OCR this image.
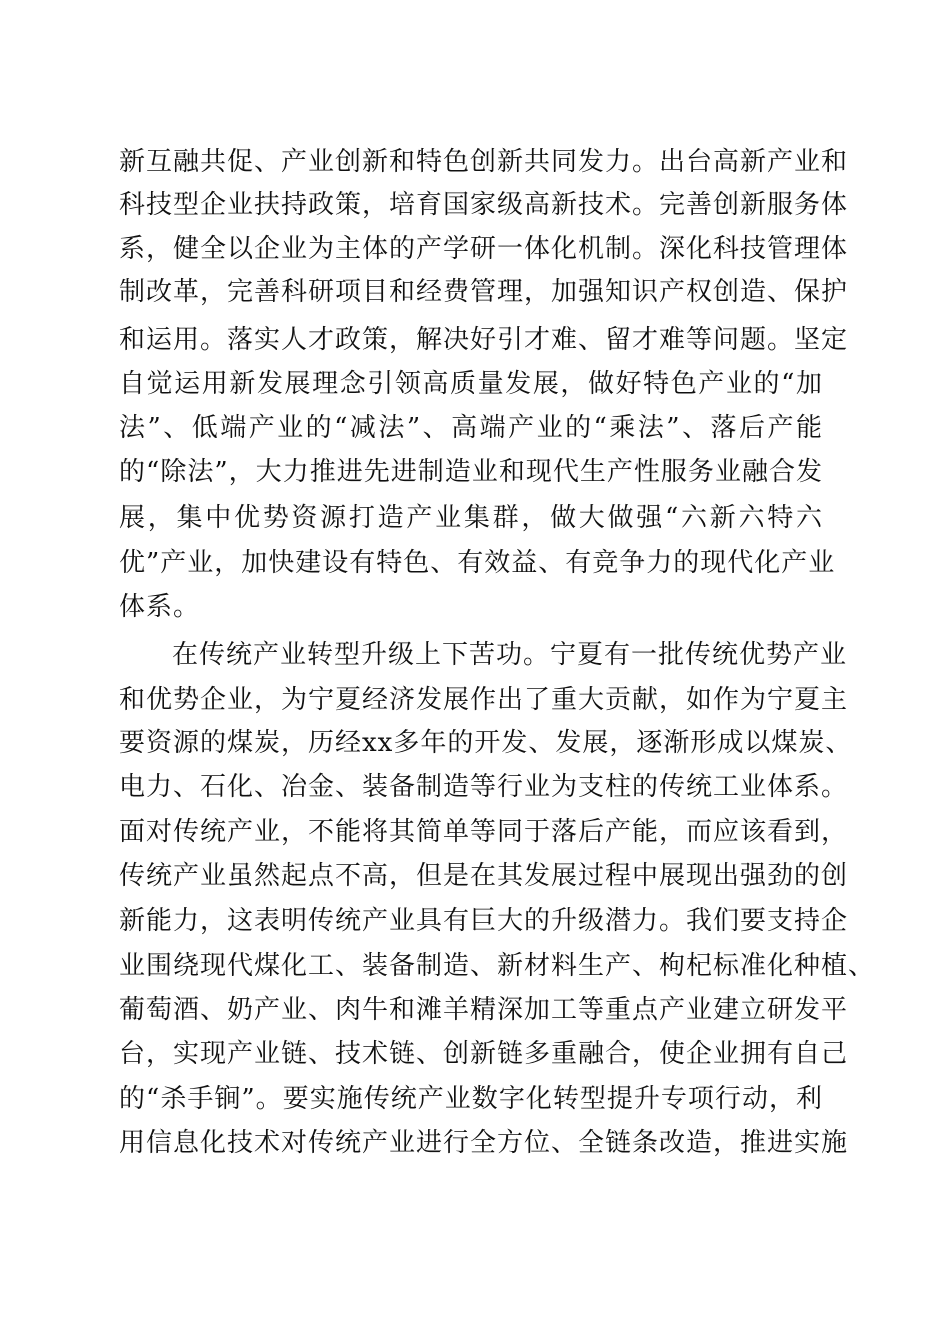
新互融共促、产业创新和特色创新共同发力。出台高新产业和
科技型企业扶持政策，培育国家级高新技术。完善创新服务体
系，健全以企业为主体的产学研一体化机制。深化科技管理体
制改革，完善科研项目和经费管理，加强知识产权创造、保护
和运用。落实人才政策，解决好引才难、留才难等问题。坚定
自觉运用新发展理念引领高质量发展，做好特色产业的“加
法”、低端产业的“减法”、高端产业的“乘法”、落后产能
的“除法”，大力推进先进制造业和现代生产性服务业融合发
展，集中优势资源打造产业集群，做大做强“六新六特六
优”产业，加快建设有特色、有效益、有竞争力的现代化产业
体系。
在传统产业转型升级上下苦功。宁夏有一批传统优势产业
和优势企业，为宁夏经济发展作出了重大贡献，如作为宁夏主
要资源的煤炭，历经xx多年的开发、发展，逐渐形成以煤炭、
电力、石化、冶金、装备制造等行业为支柱的传统工业体系。
面对传统产业，不能将其简单等同于落后产能，而应该看到，
传统产业虽然起点不高，但是在其发展过程中展现出强劲的创
新能力，这表明传统产业具有巨大的升级潜力。我们要支持企
业围绕现代煤化工、装备制造、新材料生产、枸杞标准化种植、
葡萄酒、奶产业、肉牛和滩羊精深加工等重点产业建立研发平
台，实现产业链、技术链、创新链多重融合，使企业拥有自己
的“杀手锏”。要实施传统产业数字化转型提升专项行动，利
用信息化技术对传统产业进行全方位、全链条改造，推进实施
